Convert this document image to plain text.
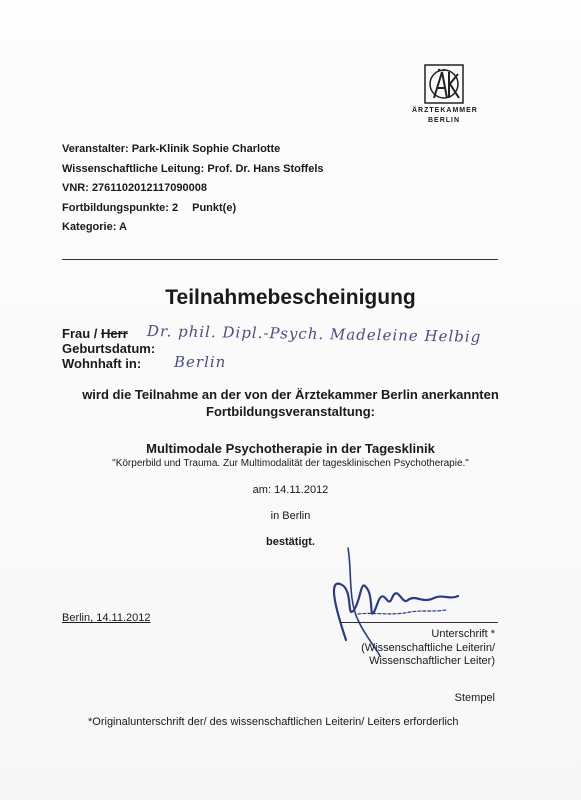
ÄRZTEKAMMER
BERLIN
Veranstalter: Park-Klinik Sophie Charlotte
Wissenschaftliche Leitung: Prof. Dr. Hans Stoffels
VNR: 2761102012117090008
Fortbildungspunkte: 2 Punkt(e)
Kategorie: A
Teilnahmebescheinigung
Frau / Herr Dr. phil. Dipl.-Psych. Madeleine Helbig
Geburtsdatum:
Wohnhaft in: Berlin
wird die Teilnahme an der von der Ärztekammer Berlin anerkannten
Fortbildungsveranstaltung:
Multimodale Psychotherapie in der Tagesklinik
"Körperbild und Trauma. Zur Multimodalität der tagesklinischen Psychotherapie."
am: 14.11.2012
in Berlin
bestätigt.
Berlin, 14.11.2012
Unterschrift *
(Wissenschaftliche Leiterin/
Wissenschaftlicher Leiter)
Stempel
*Originalunterschrift der/ des wissenschaftlichen Leiterin/ Leiters erforderlich
